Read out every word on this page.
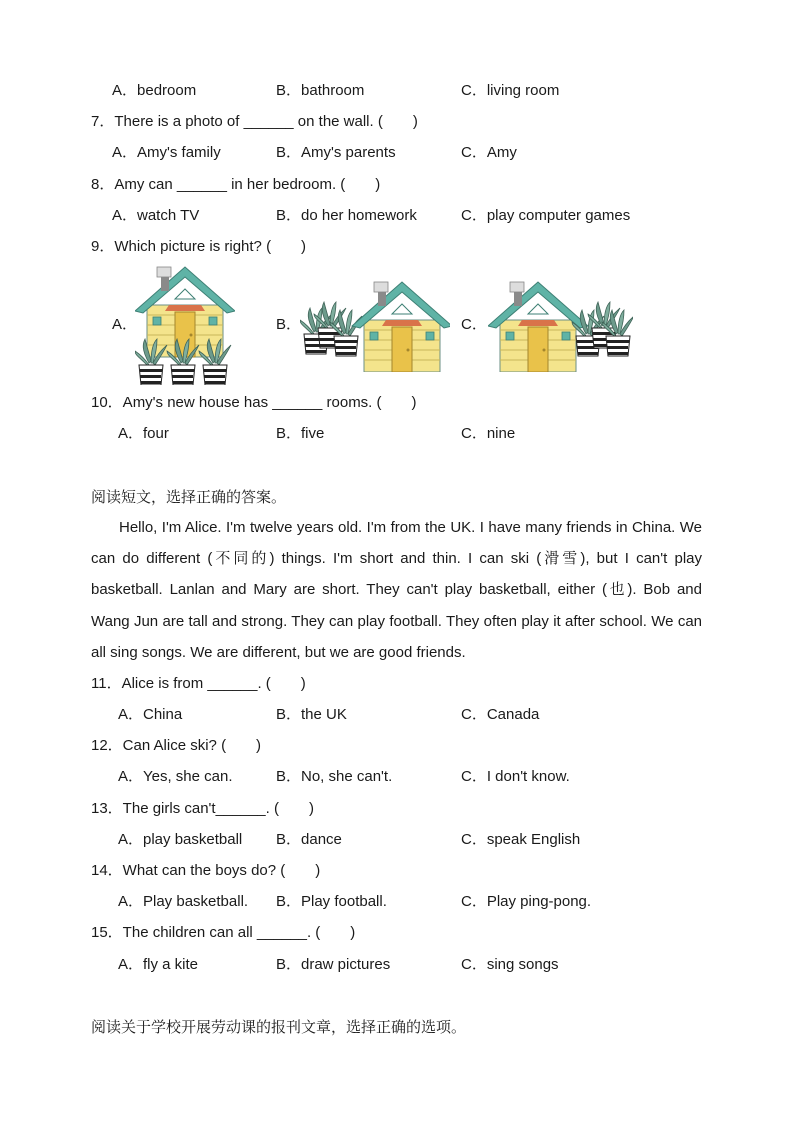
A．bedroom	B．bathroom	C．living room
7．There is a photo of ______ on the wall. (　　)
A．Amy's family	B．Amy's parents	C．Amy
8．Amy can ______ in her bedroom. (　　)
A．watch TV	B．do her homework	C．play computer games
9．Which picture is right? (　　)
A．	B．	C．
10．Amy's new house has ______ rooms. (　　)
A．four	B．five	C．nine
阅读短文，选择正确的答案。

Hello, I'm Alice. I'm twelve years old. I'm from the UK. I have many friends in China. We can do different (不同的) things. I'm short and thin. I can ski (滑雪), but I can't play basketball. Lanlan and Mary are short. They can't play basketball, either (也). Bob and Wang Jun are tall and strong. They can play football. They often play it after school. We can all sing songs. We are different, but we are good friends.

11．Alice is from ______. (　　)
A．China	B．the UK	C．Canada
12．Can Alice ski? (　　)
A．Yes, she can.	B．No, she can't.	C．I don't know.
13．The girls can't______. (　　)
A．play basketball B．dance	C．speak English
14．What can the boys do? (　　)
A．Play basketball. B．Play football.	C．Play ping-pong.
15．The children can all ______. (　　)
A．fly a kite	B．draw pictures	C．sing songs
阅读关于学校开展劳动课的报刊文章，选择正确的选项。
